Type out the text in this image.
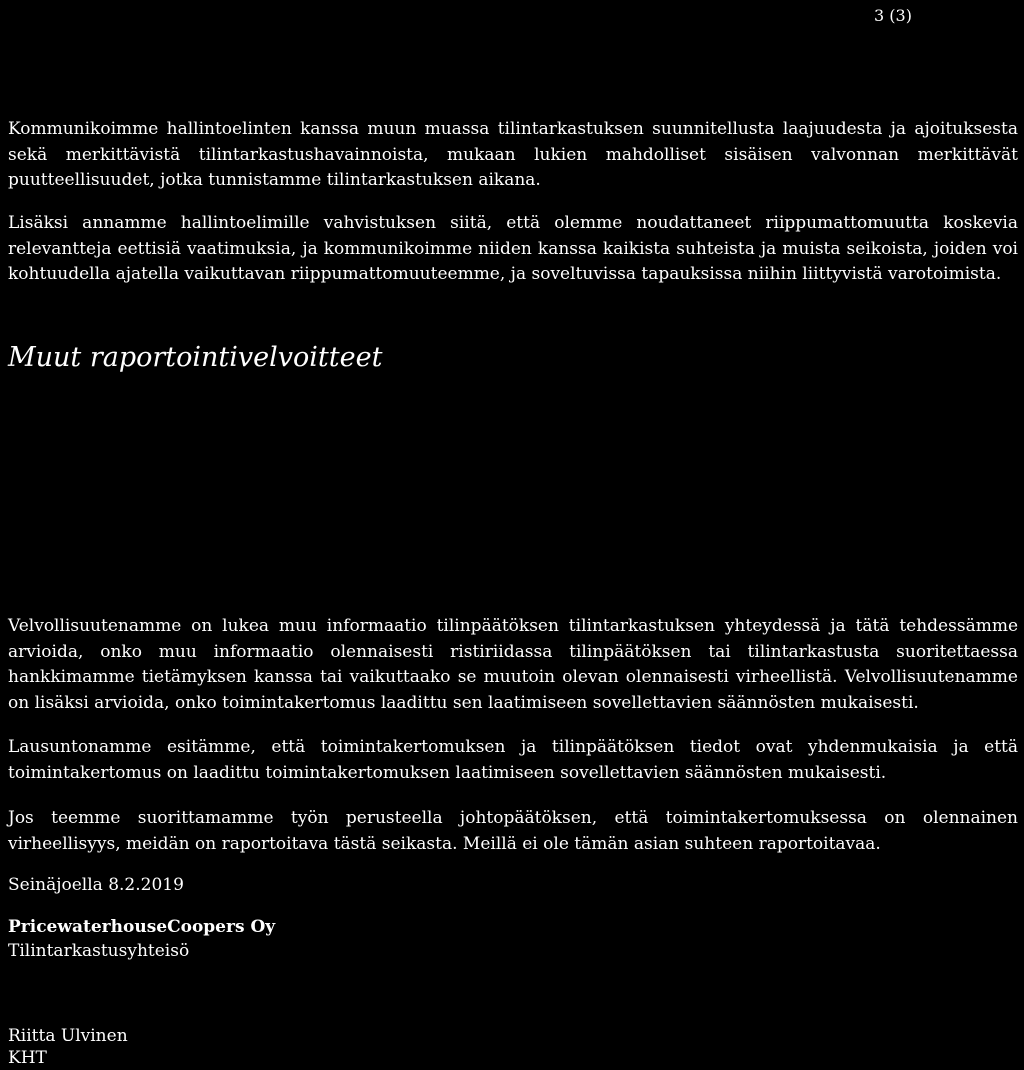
3 (3)

Kommunikoimme hallintoelinten kanssa muun muassa tilintarkastuksen suunnitellusta laajuudesta ja ajoituksesta sekä merkittävistä tilintarkastushavainnoista, mukaan lukien mahdolliset sisäisen valvonnan merkittävät puutteellisuudet, jotka tunnistamme tilintarkastuksen aikana.

Lisäksi annamme hallintoelimille vahvistuksen siitä, että olemme noudattaneet riippumattomuutta koskevia relevantteja eettisiä vaatimuksia, ja kommunikoimme niiden kanssa kaikista suhteista ja muista seikoista, joiden voi kohtuudella ajatella vaikuttavan riippumattomuuteemme, ja soveltuvissa tapauksissa niihin liittyvistä varotoimista.

Muut raportointivelvoitteet

Velvollisuutenamme on lukea muu informaatio tilinpäätöksen tilintarkastuksen yhteydessä ja tätä tehdessämme arvioida, onko muu informaatio olennaisesti ristiriidassa tilinpäätöksen tai tilintarkastusta suoritettaessa hankkimamme tietämyksen kanssa tai vaikuttaako se muutoin olevan olennaisesti virheellistä. Velvollisuutenamme on lisäksi arvioida, onko toimintakertomus laadittu sen laatimiseen sovellettavien säännösten mukaisesti.

Lausuntonamme esitämme, että toimintakertomuksen ja tilinpäätöksen tiedot ovat yhdenmukaisia ja että toimintakertomus on laadittu toimintakertomuksen laatimiseen sovellettavien säännösten mukaisesti.

Jos teemme suorittamamme työn perusteella johtopäätöksen, että toimintakertomuksessa on olennainen virheellisyys, meidän on raportoitava tästä seikasta. Meillä ei ole tämän asian suhteen raportoitavaa.

Seinäjoella 8.2.2019
PricewaterhouseCoopers Oy
Tilintarkastusyhteisö
Riitta Ulvinen
KHT
